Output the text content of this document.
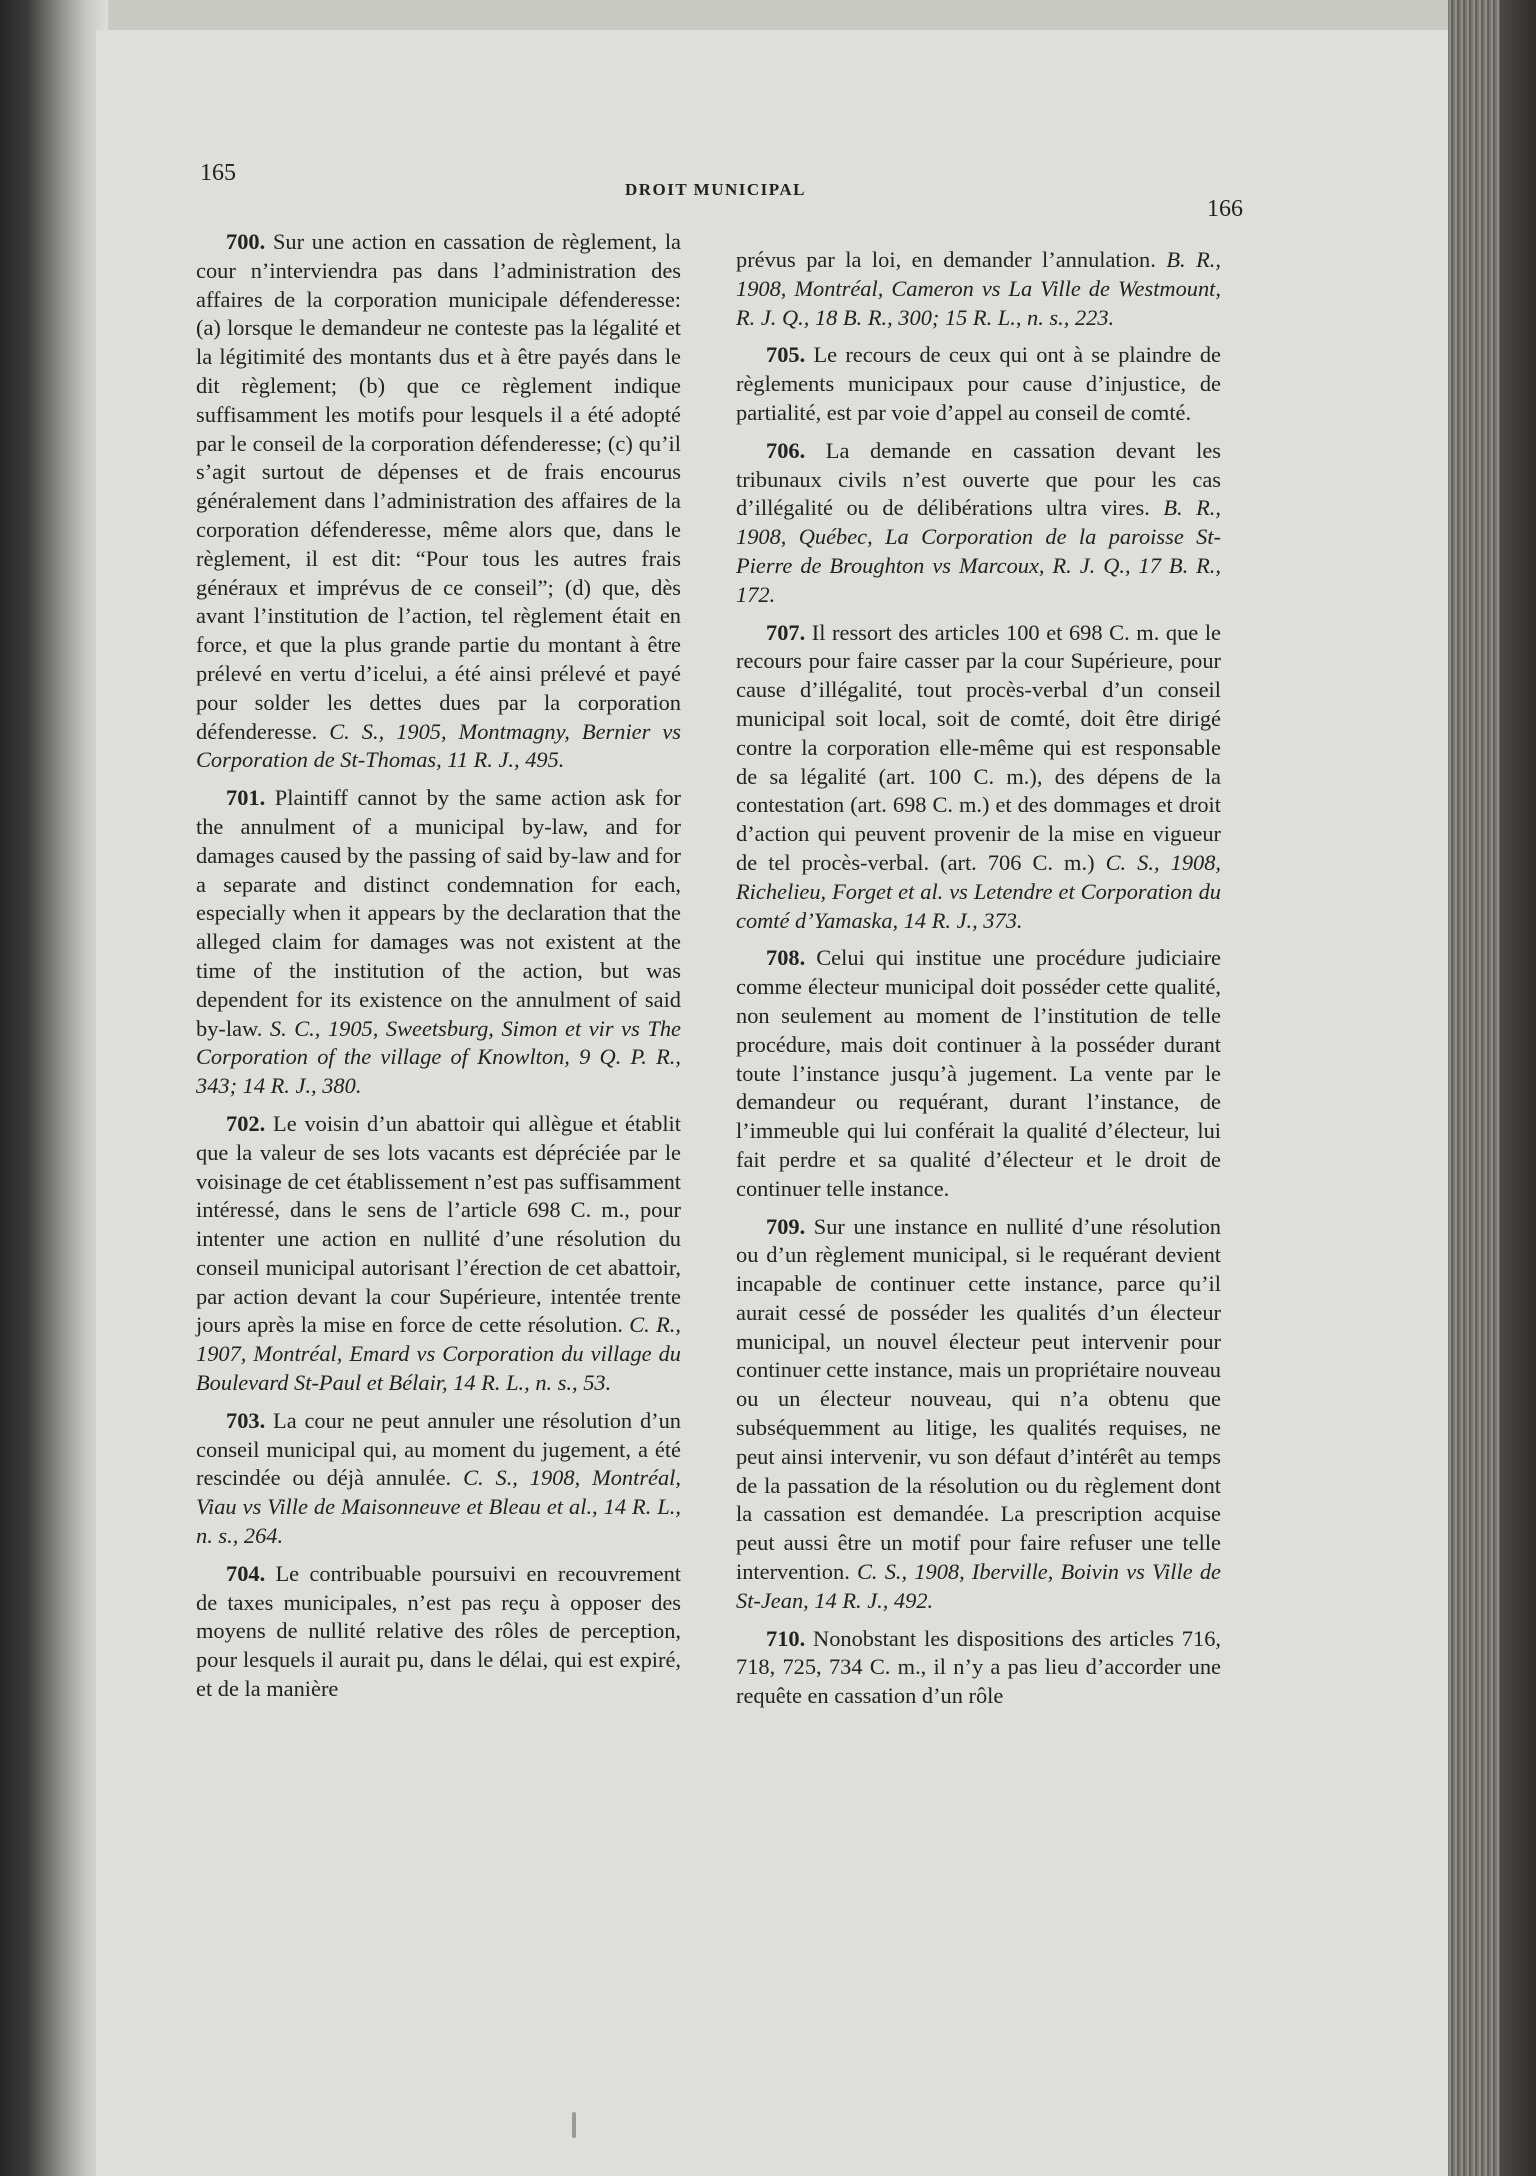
165
DROIT MUNICIPAL
166

700. Sur une action en cassation de règlement, la cour n’interviendra pas dans l’administration des affaires de la corporation municipale défenderesse: (a) lorsque le demandeur ne conteste pas la légalité et la légitimité des montants dus et à être payés dans le dit règlement; (b) que ce règlement indique suffisamment les motifs pour lesquels il a été adopté par le conseil de la corporation défenderesse; (c) qu’il s’agit surtout de dépenses et de frais encourus généralement dans l’administration des affaires de la corporation défenderesse, même alors que, dans le règlement, il est dit: “Pour tous les autres frais généraux et imprévus de ce conseil”; (d) que, dès avant l’institution de l’action, tel règlement était en force, et que la plus grande partie du montant à être prélevé en vertu d’icelui, a été ainsi prélevé et payé pour solder les dettes dues par la corporation défenderesse. C. S., 1905, Montmagny, Bernier vs Corporation de St-Thomas, 11 R. J., 495.

701. Plaintiff cannot by the same action ask for the annulment of a municipal by-law, and for damages caused by the passing of said by-law and for a separate and distinct condemnation for each, especially when it appears by the declaration that the alleged claim for damages was not existent at the time of the institution of the action, but was dependent for its existence on the annulment of said by-law. S. C., 1905, Sweetsburg, Simon et vir vs The Corporation of the village of Knowlton, 9 Q. P. R., 343; 14 R. J., 380.

702. Le voisin d’un abattoir qui allègue et établit que la valeur de ses lots vacants est dépréciée par le voisinage de cet établissement n’est pas suffisamment intéressé, dans le sens de l’article 698 C. m., pour intenter une action en nullité d’une résolution du conseil municipal autorisant l’érection de cet abattoir, par action devant la cour Supérieure, intentée trente jours après la mise en force de cette résolution. C. R., 1907, Montréal, Emard vs Corporation du village du Boulevard St-Paul et Bélair, 14 R. L., n. s., 53.

703. La cour ne peut annuler une résolution d’un conseil municipal qui, au moment du jugement, a été rescindée ou déjà annulée. C. S., 1908, Montréal, Viau vs Ville de Maisonneuve et Bleau et al., 14 R. L., n. s., 264.

704. Le contribuable poursuivi en recouvrement de taxes municipales, n’est pas reçu à opposer des moyens de nullité relative des rôles de perception, pour lesquels il aurait pu, dans le délai, qui est expiré, et de la manière

prévus par la loi, en demander l’annulation. B. R., 1908, Montréal, Cameron vs La Ville de Westmount, R. J. Q., 18 B. R., 300; 15 R. L., n. s., 223.

705. Le recours de ceux qui ont à se plaindre de règlements municipaux pour cause d’injustice, de partialité, est par voie d’appel au conseil de comté.

706. La demande en cassation devant les tribunaux civils n’est ouverte que pour les cas d’illégalité ou de délibérations ultra vires. B. R., 1908, Québec, La Corporation de la paroisse St-Pierre de Broughton vs Marcoux, R. J. Q., 17 B. R., 172.

707. Il ressort des articles 100 et 698 C. m. que le recours pour faire casser par la cour Supérieure, pour cause d’illégalité, tout procès-verbal d’un conseil municipal soit local, soit de comté, doit être dirigé contre la corporation elle-même qui est responsable de sa légalité (art. 100 C. m.), des dépens de la contestation (art. 698 C. m.) et des dommages et droit d’action qui peuvent provenir de la mise en vigueur de tel procès-verbal. (art. 706 C. m.) C. S., 1908, Richelieu, Forget et al. vs Letendre et Corporation du comté d’Yamaska, 14 R. J., 373.

708. Celui qui institue une procédure judiciaire comme électeur municipal doit posséder cette qualité, non seulement au moment de l’institution de telle procédure, mais doit continuer à la posséder durant toute l’instance jusqu’à jugement. La vente par le demandeur ou requérant, durant l’instance, de l’immeuble qui lui conférait la qualité d’électeur, lui fait perdre et sa qualité d’électeur et le droit de continuer telle instance.

709. Sur une instance en nullité d’une résolution ou d’un règlement municipal, si le requérant devient incapable de continuer cette instance, parce qu’il aurait cessé de posséder les qualités d’un électeur municipal, un nouvel électeur peut intervenir pour continuer cette instance, mais un propriétaire nouveau ou un électeur nouveau, qui n’a obtenu que subséquemment au litige, les qualités requises, ne peut ainsi intervenir, vu son défaut d’intérêt au temps de la passation de la résolution ou du règlement dont la cassation est demandée. La prescription acquise peut aussi être un motif pour faire refuser une telle intervention. C. S., 1908, Iberville, Boivin vs Ville de St-Jean, 14 R. J., 492.

710. Nonobstant les dispositions des articles 716, 718, 725, 734 C. m., il n’y a pas lieu d’accorder une requête en cassation d’un rôle
